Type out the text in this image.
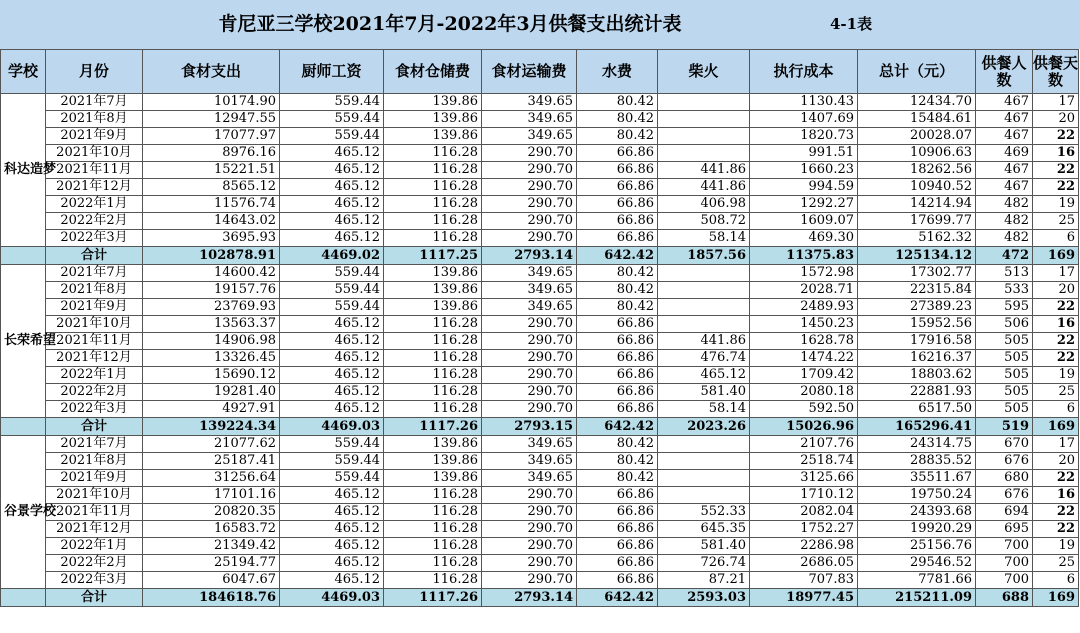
肯尼亚三学校2021年7月-2022年3月供餐支出统计表	4-1表
学校	月份	食材支出	厨师工资	食材仓储费	食材运输费	水费	柴火	执行成本	总计（元）	供餐人数	供餐天数
科达造梦	2021年7月	10174.90	559.44	139.86	349.65	80.42		1130.43	12434.70	467	17
	2021年8月	12947.55	559.44	139.86	349.65	80.42		1407.69	15484.61	467	20
	2021年9月	17077.97	559.44	139.86	349.65	80.42		1820.73	20028.07	467	22
	2021年10月	8976.16	465.12	116.28	290.70	66.86		991.51	10906.63	469	16
	2021年11月	15221.51	465.12	116.28	290.70	66.86	441.86	1660.23	18262.56	467	22
	2021年12月	8565.12	465.12	116.28	290.70	66.86	441.86	994.59	10940.52	467	22
	2022年1月	11576.74	465.12	116.28	290.70	66.86	406.98	1292.27	14214.94	482	19
	2022年2月	14643.02	465.12	116.28	290.70	66.86	508.72	1609.07	17699.77	482	25
	2022年3月	3695.93	465.12	116.28	290.70	66.86	58.14	469.30	5162.32	482	6
	合计	102878.91	4469.02	1117.25	2793.14	642.42	1857.56	11375.83	125134.12	472	169
长荣希望	2021年7月	14600.42	559.44	139.86	349.65	80.42		1572.98	17302.77	513	17
	2021年8月	19157.76	559.44	139.86	349.65	80.42		2028.71	22315.84	533	20
	2021年9月	23769.93	559.44	139.86	349.65	80.42		2489.93	27389.23	595	22
	2021年10月	13563.37	465.12	116.28	290.70	66.86		1450.23	15952.56	506	16
	2021年11月	14906.98	465.12	116.28	290.70	66.86	441.86	1628.78	17916.58	505	22
	2021年12月	13326.45	465.12	116.28	290.70	66.86	476.74	1474.22	16216.37	505	22
	2022年1月	15690.12	465.12	116.28	290.70	66.86	465.12	1709.42	18803.62	505	19
	2022年2月	19281.40	465.12	116.28	290.70	66.86	581.40	2080.18	22881.93	505	25
	2022年3月	4927.91	465.12	116.28	290.70	66.86	58.14	592.50	6517.50	505	6
	合计	139224.34	4469.03	1117.26	2793.15	642.42	2023.26	15026.96	165296.41	519	169
谷景学校	2021年7月	21077.62	559.44	139.86	349.65	80.42		2107.76	24314.75	670	17
	2021年8月	25187.41	559.44	139.86	349.65	80.42		2518.74	28835.52	676	20
	2021年9月	31256.64	559.44	139.86	349.65	80.42		3125.66	35511.67	680	22
	2021年10月	17101.16	465.12	116.28	290.70	66.86		1710.12	19750.24	676	16
	2021年11月	20820.35	465.12	116.28	290.70	66.86	552.33	2082.04	24393.68	694	22
	2021年12月	16583.72	465.12	116.28	290.70	66.86	645.35	1752.27	19920.29	695	22
	2022年1月	21349.42	465.12	116.28	290.70	66.86	581.40	2286.98	25156.76	700	19
	2022年2月	25194.77	465.12	116.28	290.70	66.86	726.74	2686.05	29546.52	700	25
	2022年3月	6047.67	465.12	116.28	290.70	66.86	87.21	707.83	7781.66	700	6
	合计	184618.76	4469.03	1117.26	2793.14	642.42	2593.03	18977.45	215211.09	688	169
